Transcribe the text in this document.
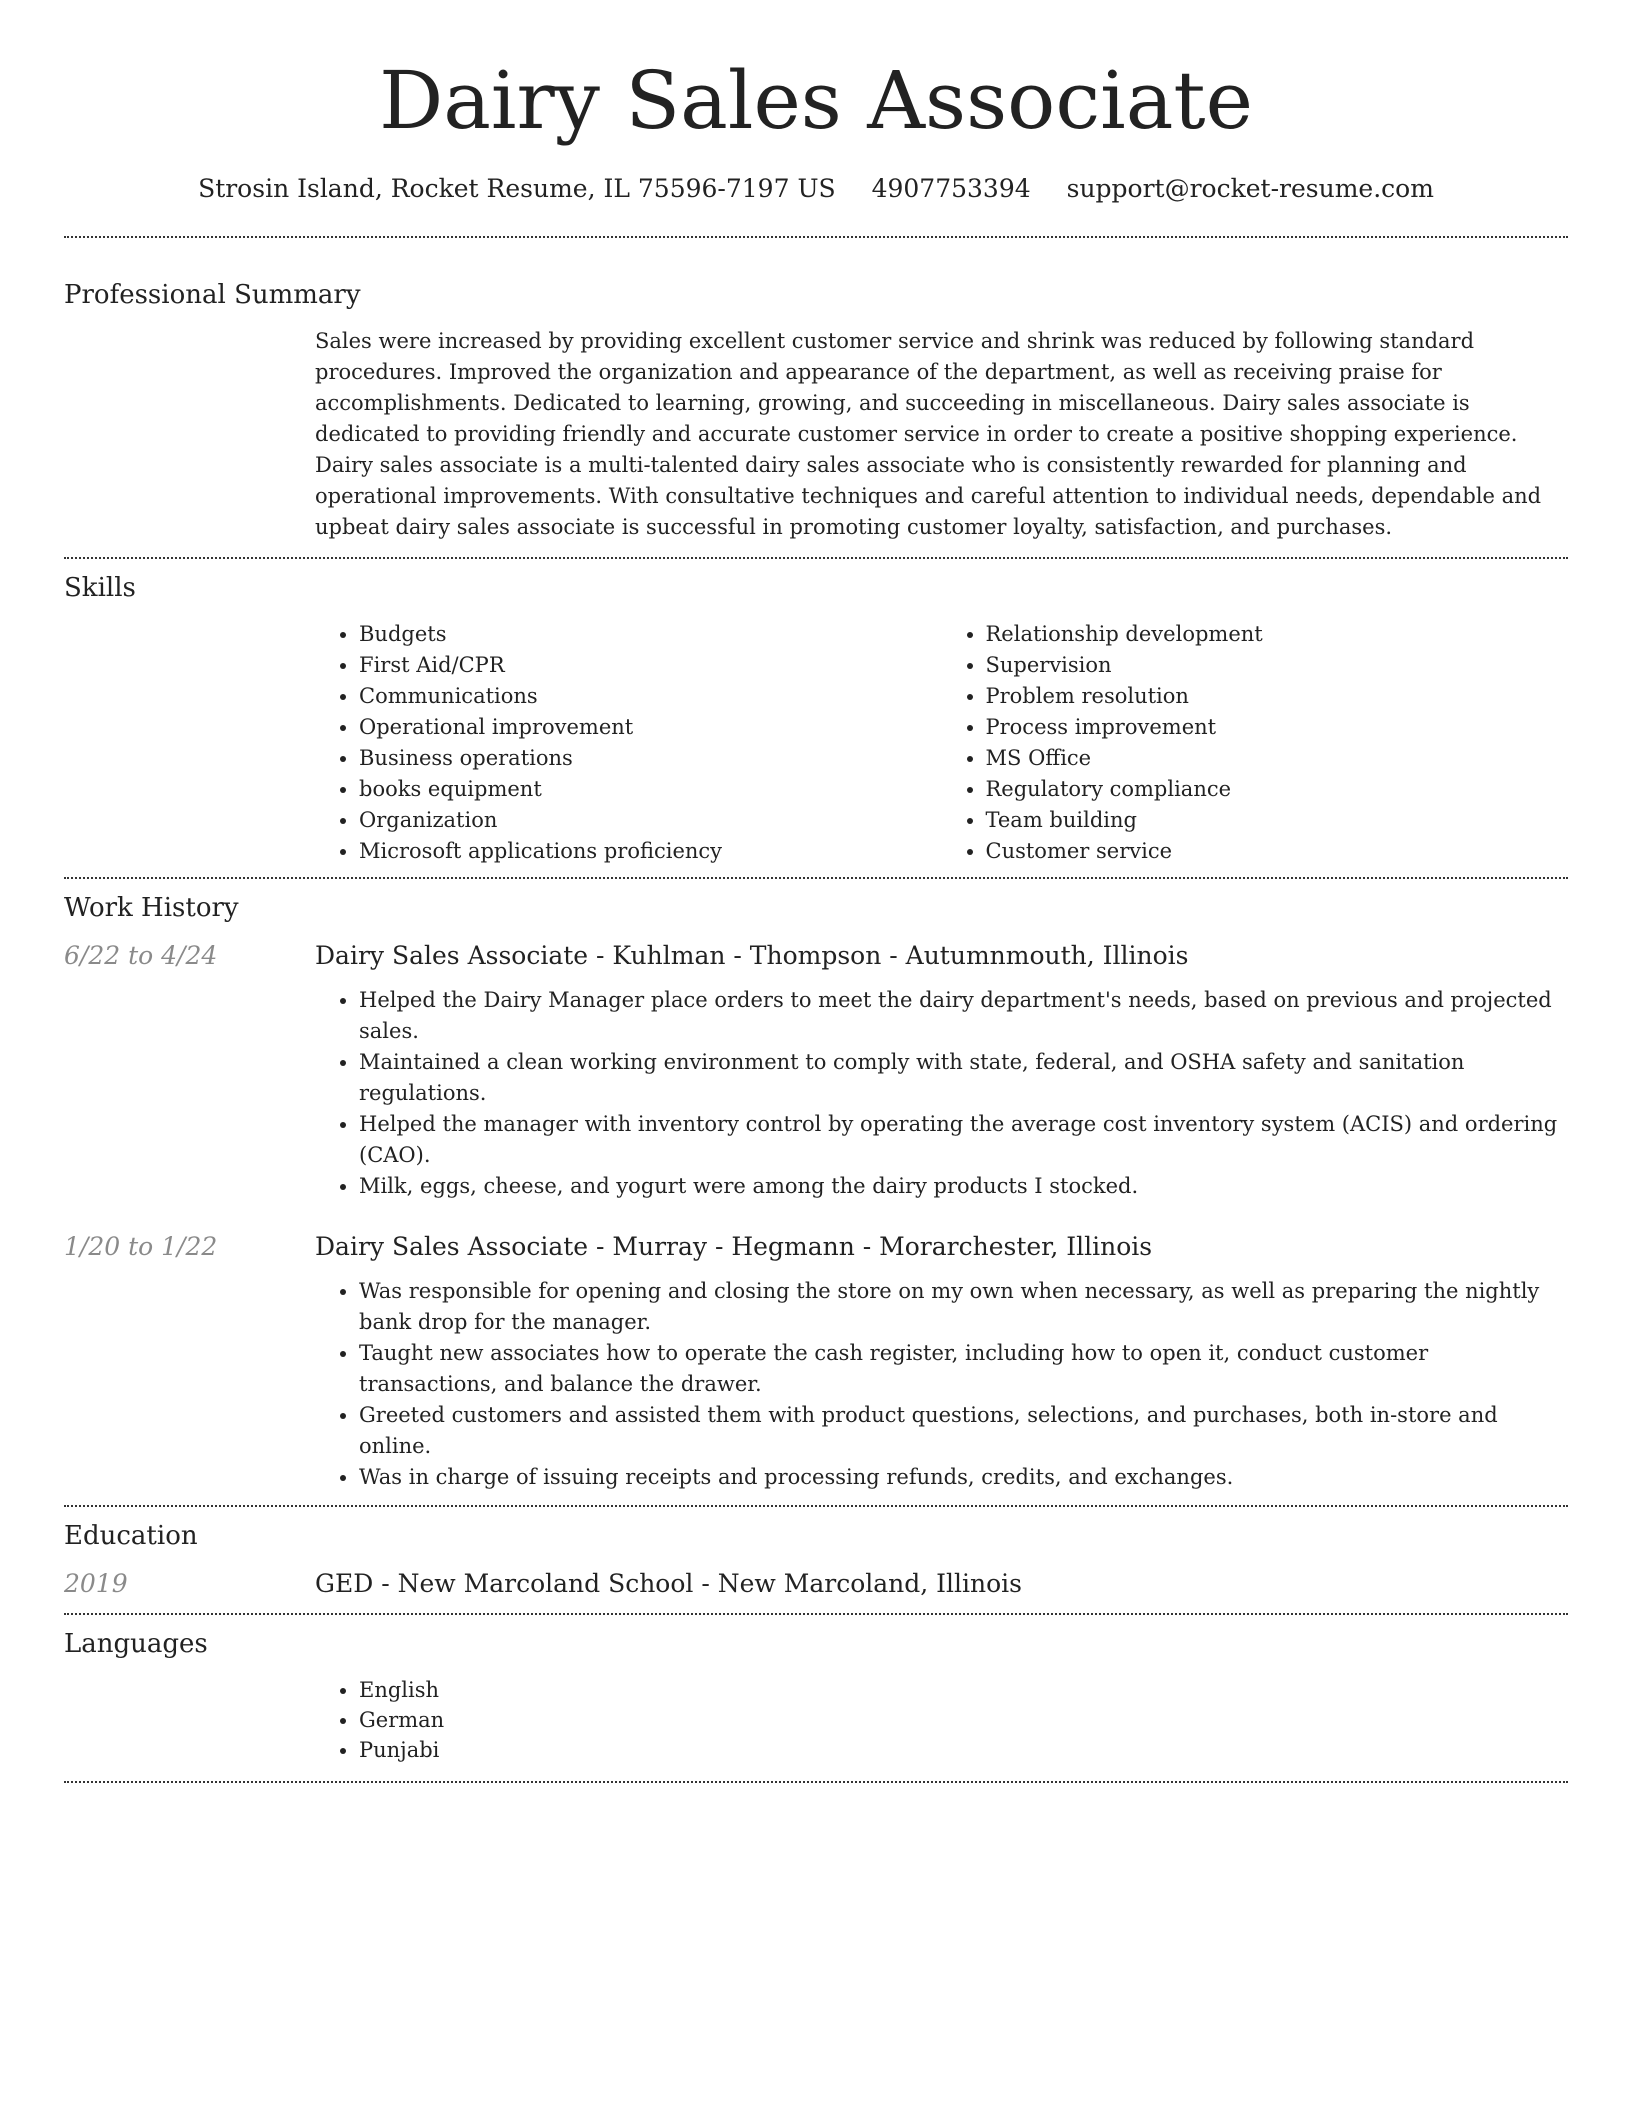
Dairy Sales Associate
Strosin Island, Rocket Resume, IL 75596-7197 US 4907753394 support@rocket-resume.com
Professional Summary
Sales were increased by providing excellent customer service and shrink was reduced by following standard procedures. Improved the organization and appearance of the department, as well as receiving praise for accomplishments. Dedicated to learning, growing, and succeeding in miscellaneous. Dairy sales associate is dedicated to providing friendly and accurate customer service in order to create a positive shopping experience. Dairy sales associate is a multi-talented dairy sales associate who is consistently rewarded for planning and operational improvements. With consultative techniques and careful attention to individual needs, dependable and upbeat dairy sales associate is successful in promoting customer loyalty, satisfaction, and purchases.
Skills
• Budgets
• First Aid/CPR
• Communications
• Operational improvement
• Business operations
• books equipment
• Organization
• Microsoft applications proficiency
• Relationship development
• Supervision
• Problem resolution
• Process improvement
• MS Office
• Regulatory compliance
• Team building
• Customer service
Work History
6/22 to 4/24	Dairy Sales Associate - Kuhlman - Thompson - Autumnmouth, Illinois
• Helped the Dairy Manager place orders to meet the dairy department's needs, based on previous and projected sales.
• Maintained a clean working environment to comply with state, federal, and OSHA safety and sanitation regulations.
• Helped the manager with inventory control by operating the average cost inventory system (ACIS) and ordering (CAO).
• Milk, eggs, cheese, and yogurt were among the dairy products I stocked.
1/20 to 1/22	Dairy Sales Associate - Murray - Hegmann - Morarchester, Illinois
• Was responsible for opening and closing the store on my own when necessary, as well as preparing the nightly bank drop for the manager.
• Taught new associates how to operate the cash register, including how to open it, conduct customer transactions, and balance the drawer.
• Greeted customers and assisted them with product questions, selections, and purchases, both in-store and online.
• Was in charge of issuing receipts and processing refunds, credits, and exchanges.
Education
2019	GED - New Marcoland School - New Marcoland, Illinois
Languages
• English
• German
• Punjabi
